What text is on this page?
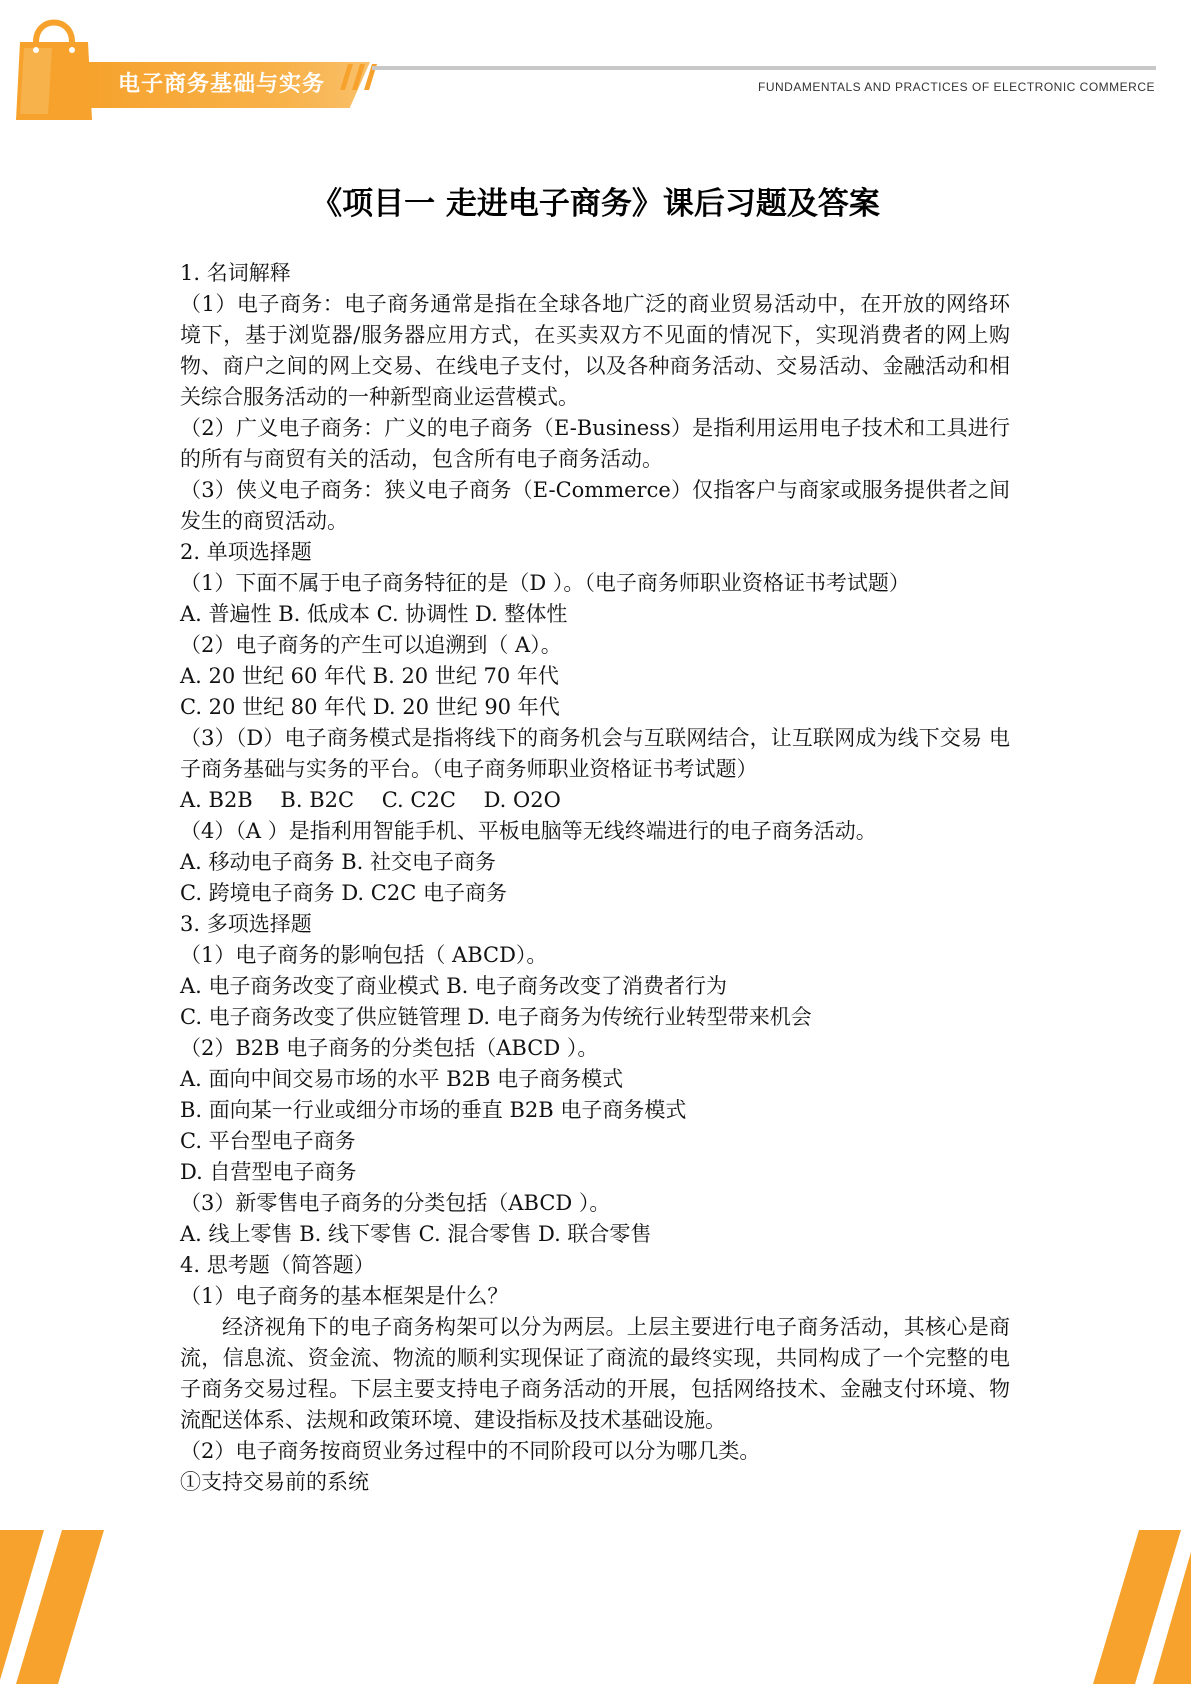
电子商务基础与实务	FUNDAMENTALS AND PRACTICES OF ELECTRONIC COMMERCE
《项目一 走进电子商务》课后习题及答案
1. 名词解释

（1）电子商务：电子商务通常是指在全球各地广泛的商业贸易活动中，在开放的网络环境下，基于浏览器/服务器应用方式，在买卖双方不见面的情况下，实现消费者的网上购物、商户之间的网上交易、在线电子支付，以及各种商务活动、交易活动、金融活动和相关综合服务活动的一种新型商业运营模式。

（2）广义电子商务：广义的电子商务（E-Business）是指利用运用电子技术和工具进行的所有与商贸有关的活动，包含所有电子商务活动。

（3）侠义电子商务：狭义电子商务（E-Commerce）仅指客户与商家或服务提供者之间发生的商贸活动。

2. 单项选择题
（1）下面不属于电子商务特征的是（D ）。（电子商务师职业资格证书考试题）
A. 普遍性 B. 低成本 C. 协调性 D. 整体性
（2）电子商务的产生可以追溯到（ A）。
A. 20 世纪 60 年代 B. 20 世纪 70 年代
C. 20 世纪 80 年代 D. 20 世纪 90 年代

（3）（D）电子商务模式是指将线下的商务机会与互联网结合，让互联网成为线下交易 电子商务基础与实务的平台。（电子商务师职业资格证书考试题）

A. B2B　 B. B2C　 C. C2C　 D. O2O
（4）（A ）是指利用智能手机、平板电脑等无线终端进行的电子商务活动。
A. 移动电子商务 B. 社交电子商务
C. 跨境电子商务 D. C2C 电子商务
3. 多项选择题
（1）电子商务的影响包括（ ABCD）。
A. 电子商务改变了商业模式 B. 电子商务改变了消费者行为
C. 电子商务改变了供应链管理 D. 电子商务为传统行业转型带来机会
（2）B2B 电子商务的分类包括（ABCD ）。
A. 面向中间交易市场的水平 B2B 电子商务模式
B. 面向某一行业或细分市场的垂直 B2B 电子商务模式
C. 平台型电子商务
D. 自营型电子商务
（3）新零售电子商务的分类包括（ABCD ）。
A. 线上零售 B. 线下零售 C. 混合零售 D. 联合零售
4. 思考题（简答题）
（1）电子商务的基本框架是什么？

经济视角下的电子商务构架可以分为两层。上层主要进行电子商务活动，其核心是商流，信息流、资金流、物流的顺利实现保证了商流的最终实现，共同构成了一个完整的电子商务交易过程。下层主要支持电子商务活动的开展，包括网络技术、金融支付环境、物流配送体系、法规和政策环境、建设指标及技术基础设施。

（2）电子商务按商贸业务过程中的不同阶段可以分为哪几类。
①支持交易前的系统
